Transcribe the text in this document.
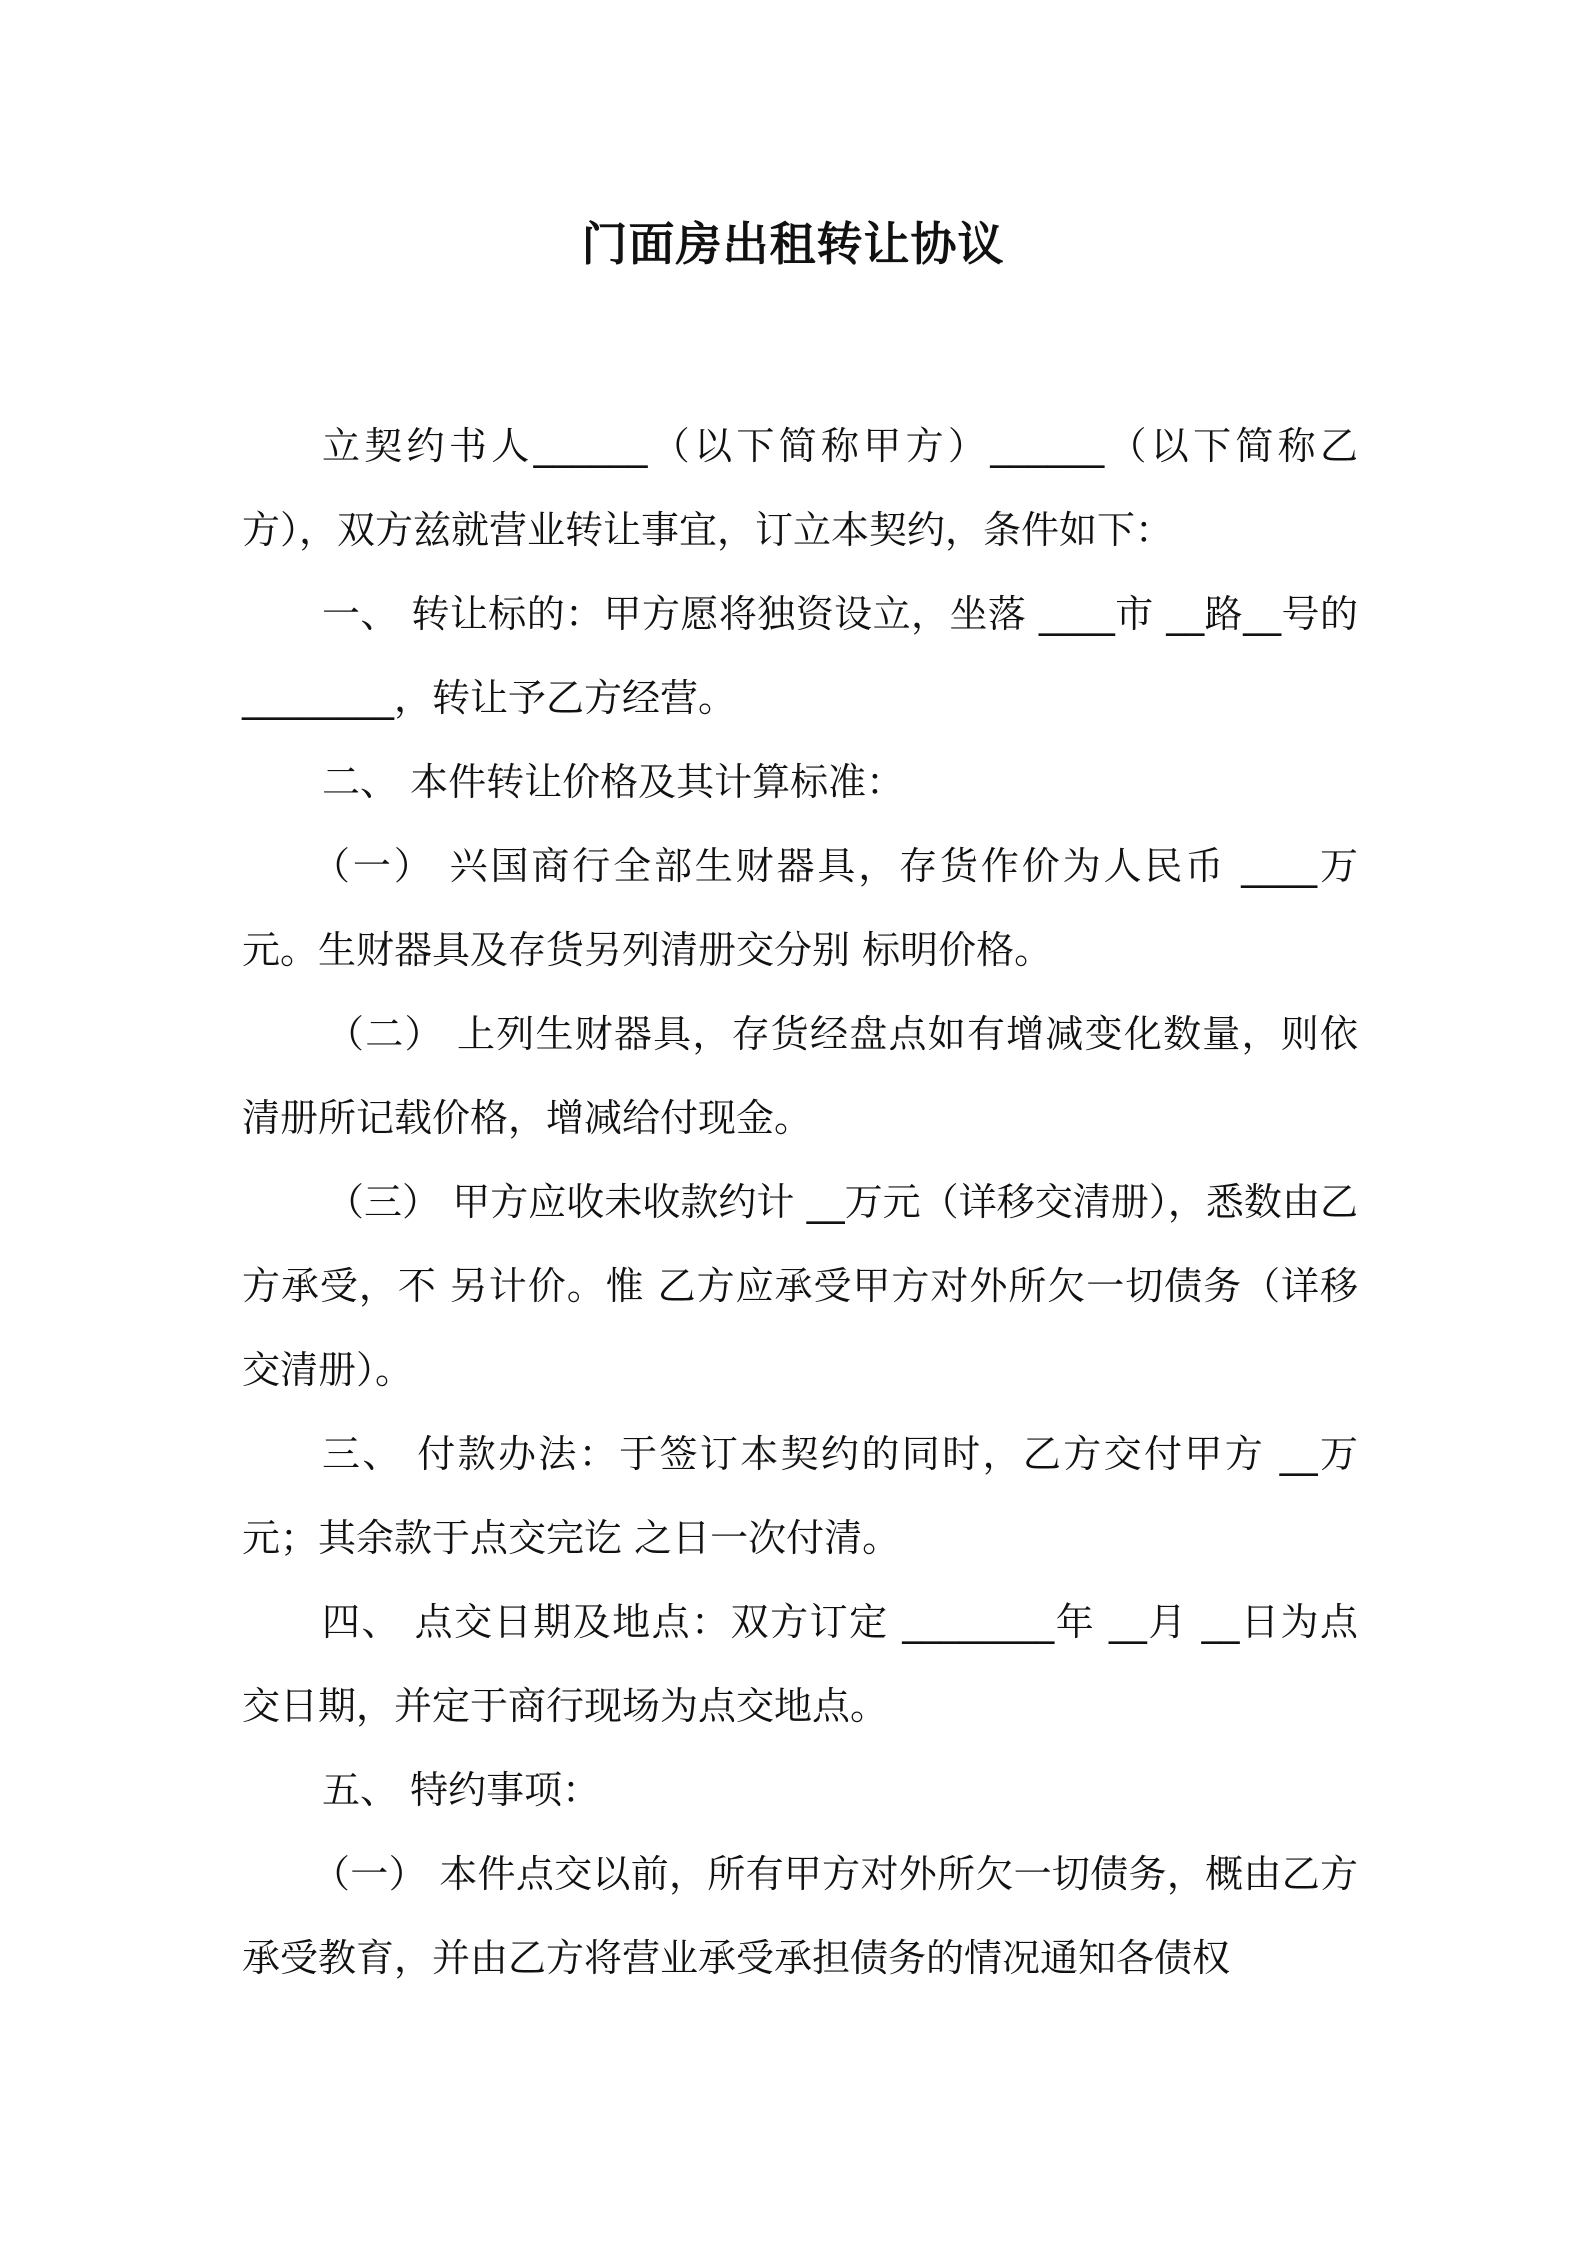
门面房出租转让协议

立契约书人______（以下简称甲方）______（以下简称乙方），双方兹就营业转让事宜，订立本契约，条件如下：

一、 转让标的：甲方愿将独资设立，坐落 ____市 __路__号的________，转让予乙方经营。

二、 本件转让价格及其计算标准：

（一） 兴国商行全部生财器具，存货作价为人民币 ____万元。生财器具及存货另列清册交分别 标明价格。

（二） 上列生财器具，存货经盘点如有增减变化数量，则依清册所记载价格，增减给付现金。

（三） 甲方应收未收款约计 __万元（详移交清册），悉数由乙方承受，不 另计价。惟 乙方应承受甲方对外所欠一切债务（详移交清册）。

三、 付款办法：于签订本契约的同时，乙方交付甲方 __万元；其余款于点交完讫 之日一次付清。

四、 点交日期及地点：双方订定 ________年 __月 __日为点交日期，并定于商行现场为点交地点。

五、 特约事项：

（一） 本件点交以前，所有甲方对外所欠一切债务，概由乙方承受教育，并由乙方将营业承受承担债务的情况通知各债权
